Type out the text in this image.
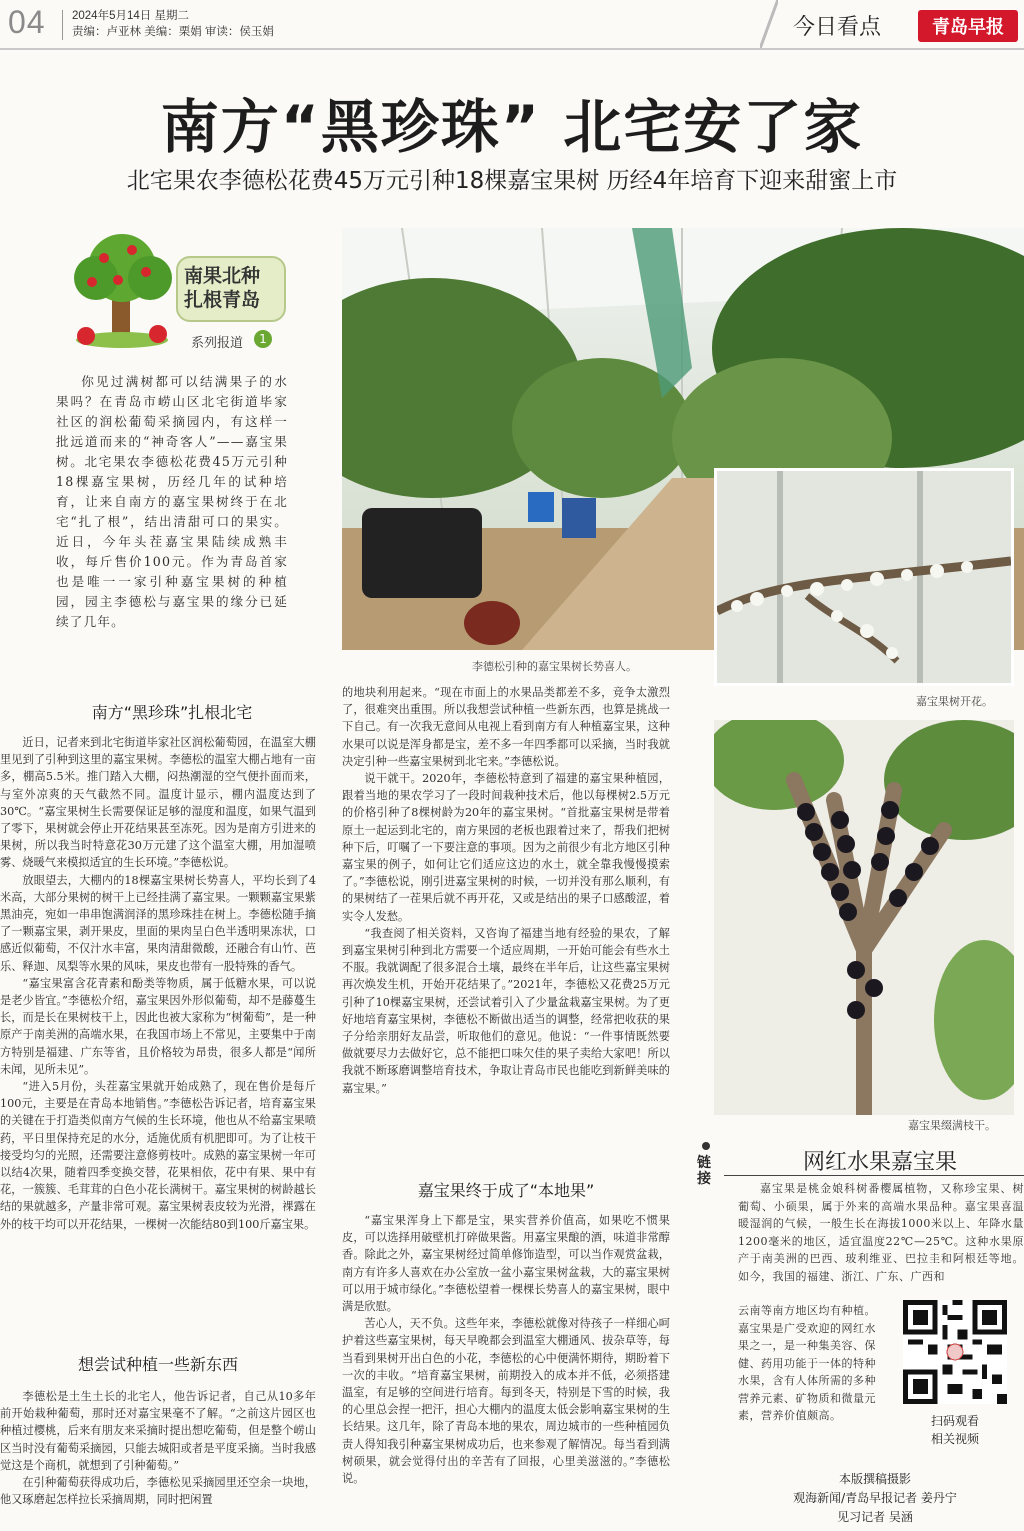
04 2024年5月14日 星期二
责编：卢亚林 美编：栗娟 审读：侯玉娟	今日看点	青岛早报
南方“黑珍珠” 北宅安了家
北宅果农李德松花费45万元引种18棵嘉宝果树 历经4年培育下迎来甜蜜上市
南果北种
扎根青岛
系列报道	1
你见过满树都可以结满果子的水果吗？在青岛市崂山区北宅街道毕家社区的润松葡萄采摘园内，有这样一批远道而来的“神奇客人”——嘉宝果树。北宅果农李德松花费45万元引种18棵嘉宝果树，历经几年的试种培育，让来自南方的嘉宝果树终于在北宅“扎了根”，结出清甜可口的果实。近日，今年头茬嘉宝果陆续成熟丰收，每斤售价100元。作为青岛首家也是唯一一家引种嘉宝果树的种植园，园主李德松与嘉宝果的缘分已延续了几年。
南方“黑珍珠”扎根北宅

近日，记者来到北宅街道毕家社区润松葡萄园，在温室大棚里见到了引种到这里的嘉宝果树。李德松的温室大棚占地有一亩多，棚高5.5米。推门踏入大棚，闷热潮湿的空气便扑面而来，与室外凉爽的天气截然不同。温度计显示，棚内温度达到了30℃。“嘉宝果树生长需要保证足够的湿度和温度，如果气温到了零下，果树就会停止开花结果甚至冻死。因为是南方引进来的果树，所以我当时特意花30万元建了这个温室大棚，用加湿喷雾、烧暖气来模拟适宜的生长环境。”李德松说。

放眼望去，大棚内的18棵嘉宝果树长势喜人，平均长到了4米高，大部分果树的树干上已经挂满了嘉宝果。一颗颗嘉宝果紫黑油亮，宛如一串串饱满润泽的黑珍珠挂在树上。李德松随手摘了一颗嘉宝果，剥开果皮，里面的果肉呈白色半透明果冻状，口感近似葡萄，不仅汁水丰富，果肉清甜微酸，还融合有山竹、芭乐、释迦、凤梨等水果的风味，果皮也带有一股特殊的香气。

“嘉宝果富含花青素和酚类等物质，属于低糖水果，可以说是老少皆宜。”李德松介绍，嘉宝果因外形似葡萄，却不是藤蔓生长，而是长在果树枝干上，因此也被大家称为“树葡萄”，是一种原产于南美洲的高端水果，在我国市场上不常见，主要集中于南方特别是福建、广东等省，且价格较为昂贵，很多人都是“闻所未闻，见所未见”。

“进入5月份，头茬嘉宝果就开始成熟了，现在售价是每斤100元，主要是在青岛本地销售。”李德松告诉记者，培育嘉宝果的关键在于打造类似南方气候的生长环境，他也从不给嘉宝果喷药，平日里保持充足的水分，适施优质有机肥即可。为了让枝干接受均匀的光照，还需要注意修剪枝叶。成熟的嘉宝果树一年可以结4次果，随着四季变换交替，花果相依，花中有果、果中有花，一簇簇、毛茸茸的白色小花长满树干。嘉宝果树的树龄越长结的果就越多，产量非常可观。嘉宝果树表皮较为光滑，裸露在外的枝干均可以开花结果，一棵树一次能结80到100斤嘉宝果。

想尝试种植一些新东西

李德松是土生土长的北宅人，他告诉记者，自己从10多年前开始栽种葡萄，那时还对嘉宝果毫不了解。“之前这片园区也种植过樱桃，后来有朋友来采摘时提出想吃葡萄，但是整个崂山区当时没有葡萄采摘园，只能去城阳或者是平度采摘。当时我感觉这是个商机，就想到了引种葡萄。”

在引种葡萄获得成功后，李德松见采摘园里还空余一块地，他又琢磨起怎样拉长采摘周期，同时把闲置

李德松引种的嘉宝果树长势喜人。
嘉宝果树开花。
嘉宝果缀满枝干。

的地块利用起来。“现在市面上的水果品类都差不多，竞争太激烈了，很难突出重围。所以我想尝试种植一些新东西，也算是挑战一下自己。有一次我无意间从电视上看到南方有人种植嘉宝果，这种水果可以说是浑身都是宝，差不多一年四季都可以采摘，当时我就决定引种一些嘉宝果树到北宅来。”李德松说。

说干就干。2020年，李德松特意到了福建的嘉宝果种植园，跟着当地的果农学习了一段时间栽种技术后，他以每棵树2.5万元的价格引种了8棵树龄为20年的嘉宝果树。“首批嘉宝果树是带着原土一起运到北宅的，南方果园的老板也跟着过来了，帮我们把树种下后，叮嘱了一下要注意的事项。因为之前很少有北方地区引种嘉宝果的例子，如何让它们适应这边的水土，就全靠我慢慢摸索了。”李德松说，刚引进嘉宝果树的时候，一切并没有那么顺利，有的果树结了一茬果后就不再开花，又或是结出的果子口感酸涩，着实令人发愁。

“我查阅了相关资料，又咨询了福建当地有经验的果农，了解到嘉宝果树引种到北方需要一个适应周期，一开始可能会有些水土不服。我就调配了很多混合土壤，最终在半年后，让这些嘉宝果树再次焕发生机，开始开花结果了。”2021年，李德松又花费25万元引种了10棵嘉宝果树，还尝试着引入了少量盆栽嘉宝果树。为了更好地培育嘉宝果树，李德松不断做出适当的调整，经常把收获的果子分给亲朋好友品尝，听取他们的意见。他说：“一件事情既然要做就要尽力去做好它，总不能把口味欠佳的果子卖给大家吧！所以我就不断琢磨调整培育技术，争取让青岛市民也能吃到新鲜美味的嘉宝果。”

嘉宝果终于成了“本地果”

“嘉宝果浑身上下都是宝，果实营养价值高，如果吃不惯果皮，可以选择用破壁机打碎做果酱。用嘉宝果酿的酒，味道非常醇香。除此之外，嘉宝果树经过简单修饰造型，可以当作观赏盆栽，南方有许多人喜欢在办公室放一盆小嘉宝果树盆栽，大的嘉宝果树可以用于城市绿化。”李德松望着一棵棵长势喜人的嘉宝果树，眼中满是欣慰。

苦心人，天不负。这些年来，李德松就像对待孩子一样细心呵护着这些嘉宝果树，每天早晚都会到温室大棚通风、拔杂草等，每当看到果树开出白色的小花，李德松的心中便满怀期待，期盼着下一次的丰收。“培育嘉宝果树，前期投入的成本并不低，必须搭建温室，有足够的空间进行培育。每到冬天，特别是下雪的时候，我的心里总会捏一把汗，担心大棚内的温度太低会影响嘉宝果树的生长结果。这几年，除了青岛本地的果农，周边城市的一些种植园负责人得知我引种嘉宝果树成功后，也来参观了解情况。每当看到满树硕果，就会觉得付出的辛苦有了回报，心里美滋滋的。”李德松说。

链接
网红水果嘉宝果
嘉宝果是桃金娘科树番樱属植物，又称珍宝果、树葡萄、小硕果，属于外来的高端水果品种。嘉宝果喜温暖湿润的气候，一般生长在海拔1000米以上、年降水量1200毫米的地区，适宜温度22℃—25℃。这种水果原产于南美洲的巴西、玻利维亚、巴拉圭和阿根廷等地。如今，我国的福建、浙江、广东、广西和
云南等南方地区均有种植。嘉宝果是广受欢迎的网红水果之一，是一种集美容、保健、药用功能于一体的特种水果，含有人体所需的多种营养元素、矿物质和微量元素，营养价值颇高。	扫码观看
相关视频
本版撰稿摄影
观海新闻/青岛早报记者 姜丹宁
见习记者 吴涵
